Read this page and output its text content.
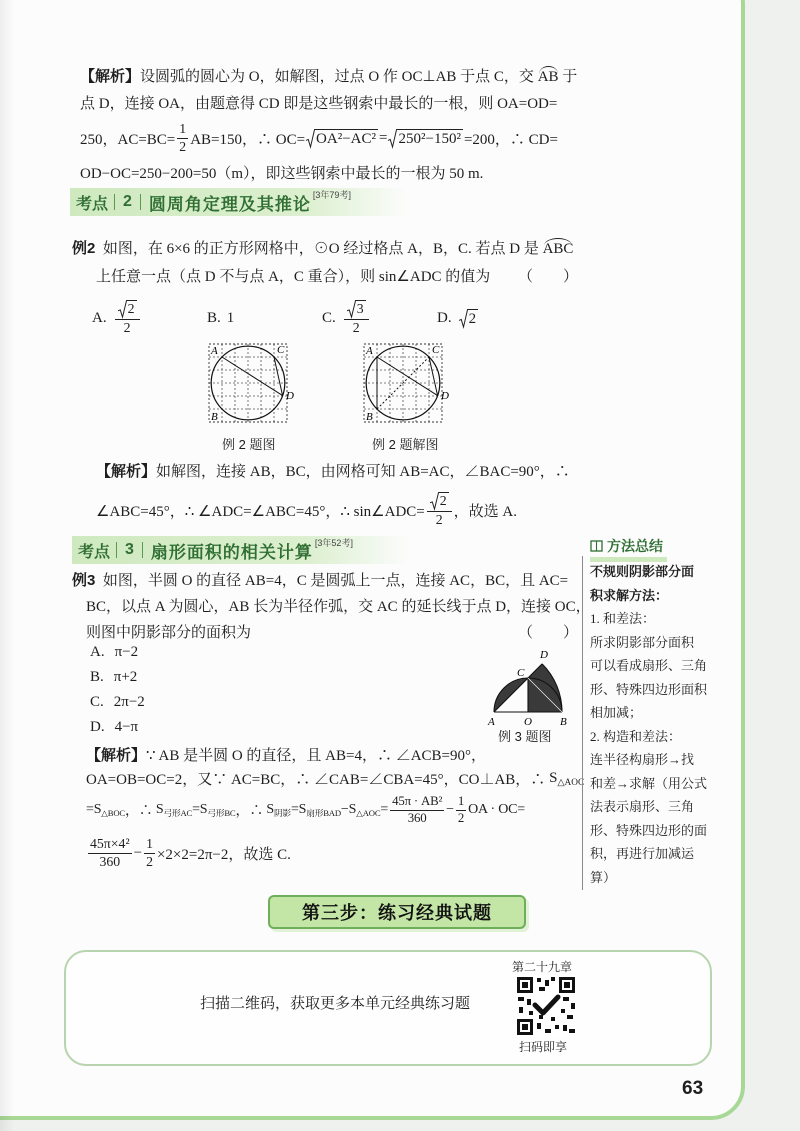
【解析】 设圆弧的圆心为 O，如解图，过点 O 作 OC⊥AB 于点 C，交 AB 于
点 D，连接 OA，由题意得 CD 即是这些钢索中最长的一根，则 OA=OD=
250，$AC=BC= \frac{1}{2} AB=150$，∴ OC= OA²−AC² = 250²−150² =200，∴ CD=
OD−OC=250−200=50（m），即这些钢索中最长的一根为 50 m.
考点 2	圆周角定理及其推论 [3年79考]
例2 如图，在 6×6 的正方形网格中，⊙O 经过格点 A，B，C. 若点 D 是 ABC
上任意一点（点 D 不与点 A，C 重合），则 sin∠ADC 的值为 （　　）
A. $\frac{2}{2}$	B. 1	C. $\frac{3}{2}$	D. 2
A	C
B
D
例 2 题图
A	C
B
D
例 2 题解图
【解析】 如解图，连接 AB，BC，由网格可知 AB=AC，∠BAC=90°，∴
∠ABC=45°，∴ ∠ADC=∠ABC=45°，∴ sin∠ADC= $\frac{2}{2}$ ，故选 A.
考点 3	扇形面积的相关计算 [3年52考]
例3 如图，半圆 O 的直径 AB=4，C 是圆弧上一点，连接 AC，BC，且 AC=
BC，以点 A 为圆心，AB 长为半径作弧，交 AC 的延长线于点 D，连接 OC，
则图中阴影部分的面积为	（　　）
A. π−2
B. π+2
C. 2π−2
D. 4−π	A	O	B
C
D
例 3 题图
【解析】 ∵ AB 是半圆 O 的直径，且 AB=4，∴ ∠ACB=90°，
OA=OB=OC=2，又∵ AC=BC，∴ ∠CAB=∠CBA=45°，CO⊥AB，∴ S △AOC
= S △BOC ，∴ S 弓形AC = S 弓形BC ，∴ S 阴影 = S 扇形BAD − S △AOC = $\frac{\text{45π · AB²}}{360} - \frac{1}{2}$ OA · OC=
$\frac{\text{45π×4²}}{360} - \frac{1}{2} \times 2\times 2=2\pi-2$，故选 C.
方法总结
不规则阴影部分面
积求解方法：
1. 和差法：
所求阴影部分面积
可以看成扇形、三角
形、特殊四边形面积
相加减；
2. 构造和差法：
连半径构扇形→找
和差→求解（用公式
法表示扇形、三角
形、特殊四边形的面
积，再进行加减运
算）
第三步：练习经典试题
扫描二维码，获取更多本单元经典练习题
第二十九章
扫码即享
63
